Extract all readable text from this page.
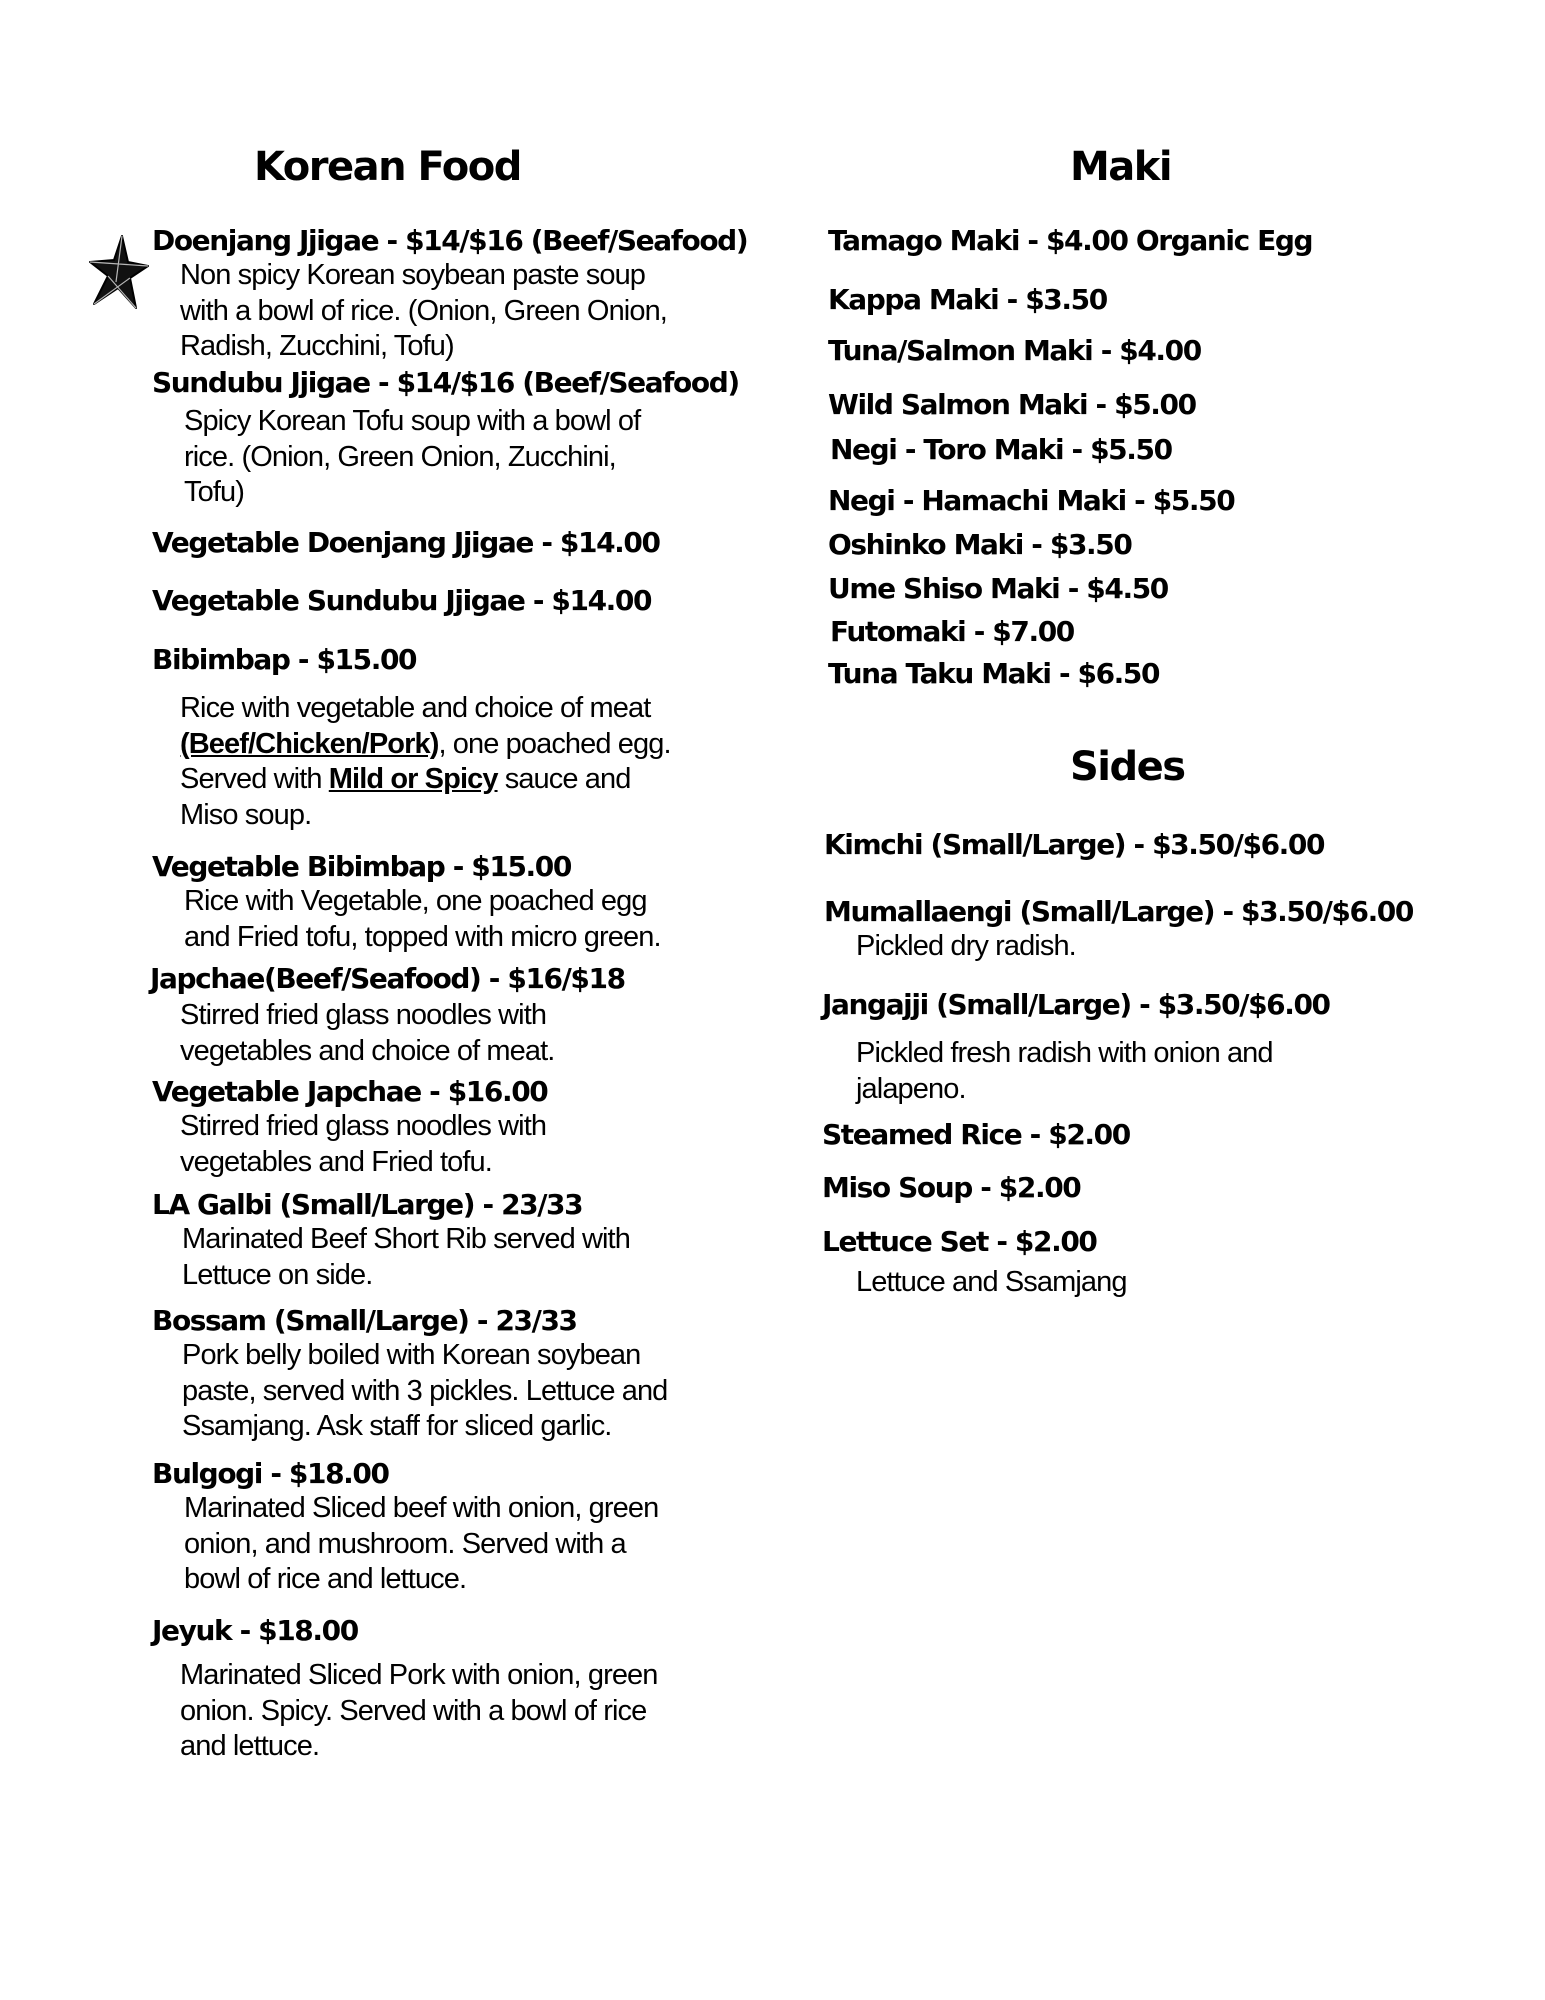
Korean Food
Doenjang Jjigae - $14/$16 (Beef/Seafood)
Non spicy Korean soybean paste soup
with a bowl of rice. (Onion, Green Onion,
Radish, Zucchini, Tofu)
Sundubu Jjigae - $14/$16 (Beef/Seafood)
Spicy Korean Tofu soup with a bowl of
rice. (Onion, Green Onion, Zucchini,
Tofu)
Vegetable Doenjang Jjigae - $14.00
Vegetable Sundubu Jjigae - $14.00
Bibimbap - $15.00
Rice with vegetable and choice of meat
(Beef/Chicken/Pork), one poached egg.
Served with Mild or Spicy sauce and
Miso soup.
Vegetable Bibimbap - $15.00
Rice with Vegetable, one poached egg
and Fried tofu, topped with micro green.
Japchae(Beef/Seafood) - $16/$18
Stirred fried glass noodles with
vegetables and choice of meat.
Vegetable Japchae - $16.00
Stirred fried glass noodles with
vegetables and Fried tofu.
LA Galbi (Small/Large) - 23/33
Marinated Beef Short Rib served with
Lettuce on side.
Bossam (Small/Large) - 23/33
Pork belly boiled with Korean soybean
paste, served with 3 pickles. Lettuce and
Ssamjang. Ask staff for sliced garlic.
Bulgogi - $18.00
Marinated Sliced beef with onion, green
onion, and mushroom. Served with a
bowl of rice and lettuce.
Jeyuk - $18.00
Marinated Sliced Pork with onion, green
onion. Spicy. Served with a bowl of rice
and lettuce.
Maki
Tamago Maki - $4.00 Organic Egg
Kappa Maki - $3.50
Tuna/Salmon Maki - $4.00
Wild Salmon Maki - $5.00
Negi - Toro Maki - $5.50
Negi - Hamachi Maki - $5.50
Oshinko Maki - $3.50
Ume Shiso Maki - $4.50
Futomaki - $7.00
Tuna Taku Maki - $6.50
Sides
Kimchi (Small/Large) - $3.50/$6.00
Mumallaengi (Small/Large) - $3.50/$6.00
Pickled dry radish.
Jangajji (Small/Large) - $3.50/$6.00
Pickled fresh radish with onion and
jalapeno.
Steamed Rice - $2.00
Miso Soup - $2.00
Lettuce Set - $2.00
Lettuce and Ssamjang
